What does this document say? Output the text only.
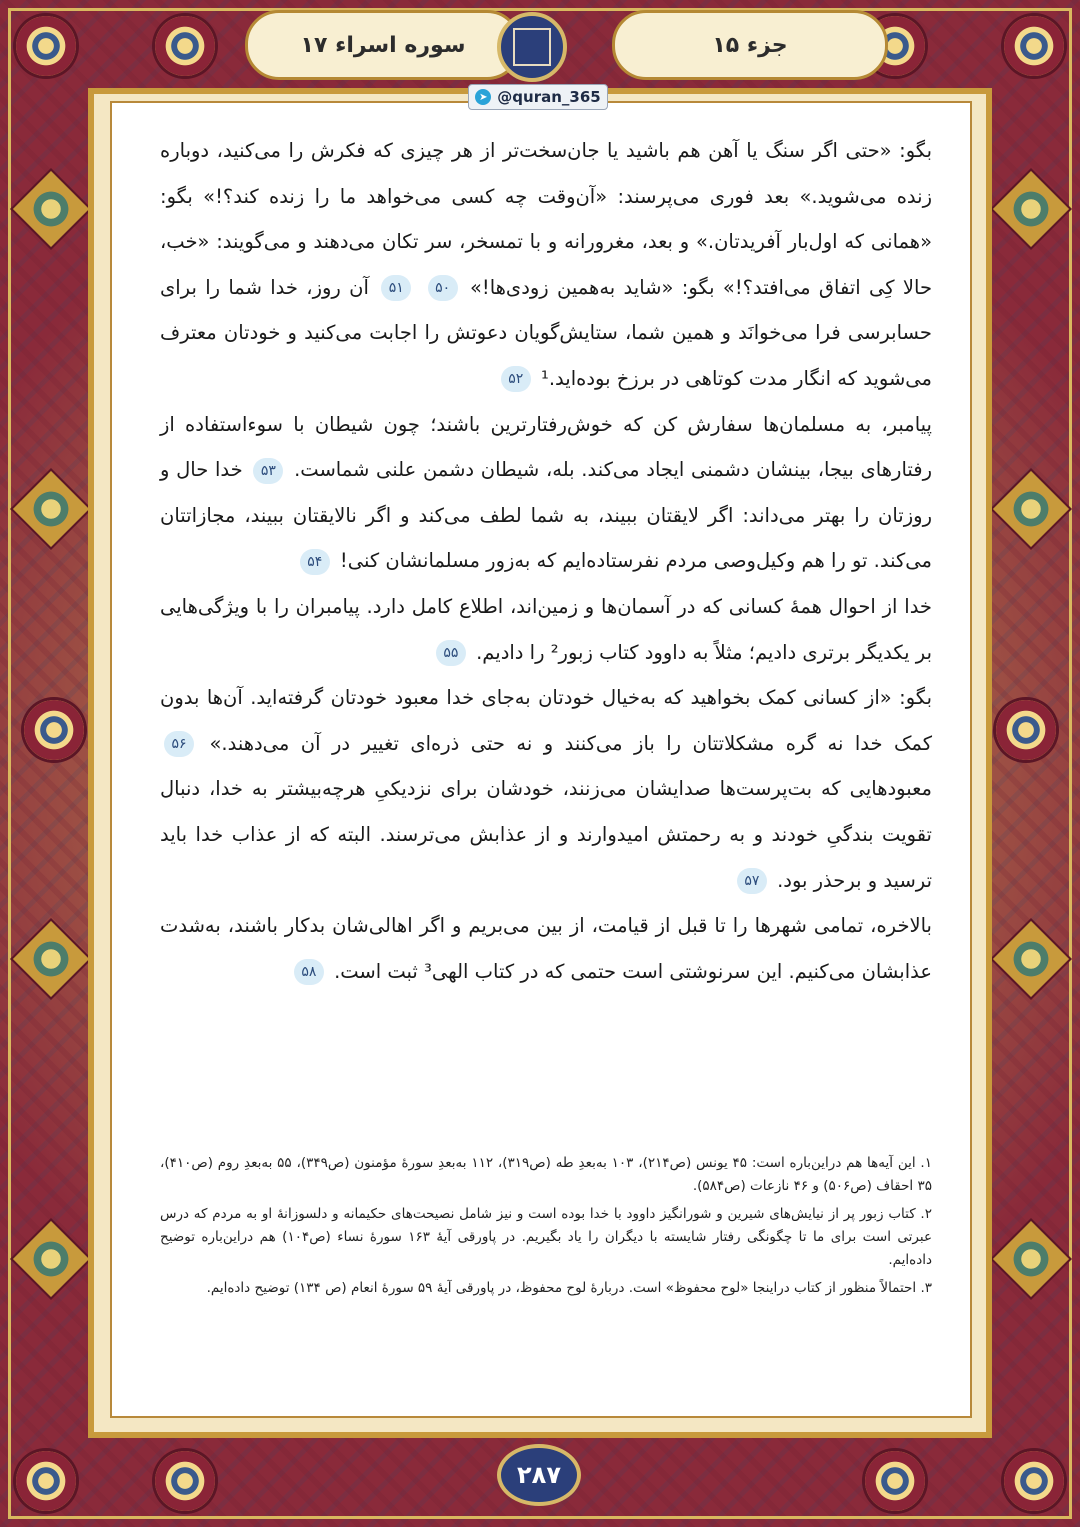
سوره اسراء ۱۷	جزء ۱۵
➤ @quran_365

بگو: «حتی اگر سنگ یا آهن هم باشید یا جان‌سخت‌تر از هر چیزی که فکرش را می‌کنید، دوباره زنده می‌شوید.» بعد فوری می‌پرسند: «آن‌وقت چه کسی می‌خواهد ما را زنده کند؟!» بگو: «همانی که اول‌بار آفریدتان.» و بعد، مغرورانه و با تمسخر، سر تکان می‌دهند و می‌گویند: «خب، حالا کِی اتفاق می‌افتد؟!» بگو: «شاید به‌همین زودی‌ها!» ۵۰ ۵۱ آن روز، خدا شما را برای حسابرسی فرا می‌خوانَد و همین شما، ستایش‌گویان دعوتش را اجابت می‌کنید و خودتان معترف می‌شوید که انگار مدت کوتاهی در برزخ بوده‌اید.¹ ۵۲

پیامبر، به مسلمان‌ها سفارش کن که خوش‌رفتارترین باشند؛ چون شیطان با سوءاستفاده از رفتارهای بیجا، بینشان دشمنی ایجاد می‌کند. بله، شیطان دشمن علنی شماست. ۵۳ خدا حال و روزتان را بهتر می‌داند: اگر لایقتان ببیند، به شما لطف می‌کند و اگر نالایقتان ببیند، مجازاتتان می‌کند. تو را هم وکیل‌وصی مردم نفرستاده‌ایم که به‌زور مسلمانشان کنی! ۵۴

خدا از احوال همهٔ کسانی که در آسمان‌ها و زمین‌اند، اطلاع کامل دارد. پیامبران را با ویژگی‌هایی بر یکدیگر برتری دادیم؛ مثلاً به داوود کتاب زبور² را دادیم. ۵۵

بگو: «از کسانی کمک بخواهید که به‌خیال خودتان به‌جای خدا معبود خودتان گرفته‌اید. آن‌ها بدون کمک خدا نه گره مشکلاتتان را باز می‌کنند و نه حتی ذره‌ای تغییر در آن می‌دهند.» ۵۶ معبودهایی که بت‌پرست‌ها صدایشان می‌زنند، خودشان برای نزدیکیِ هرچه‌بیشتر به خدا، دنبال تقویت بندگیِ خودند و به رحمتش امیدوارند و از عذابش می‌ترسند. البته که از عذاب خدا باید ترسید و برحذر بود. ۵۷

بالاخره، تمامی شهرها را تا قبل از قیامت، از بین می‌بریم و اگر اهالی‌شان بدکار باشند، به‌شدت عذابشان می‌کنیم. این سرنوشتی است حتمی که در کتاب الهی³ ثبت است. ۵۸

۱. این آیه‌ها هم دراین‌باره است: ۴۵ یونس (ص۲۱۴)، ۱۰۳ به‌بعدِ طه (ص۳۱۹)، ۱۱۲ به‌بعدِ سورهٔ مؤمنون (ص۳۴۹)، ۵۵ به‌بعدِ روم (ص۴۱۰)، ۳۵ احقاف (ص۵۰۶) و ۴۶ نازعات (ص۵۸۴).

۲. کتاب زبور پر از نیایش‌های شیرین و شورانگیز داوود با خدا بوده است و نیز شامل نصیحت‌های حکیمانه و دلسوزانهٔ او به مردم که درس عبرتی است برای ما تا چگونگی رفتار شایسته با دیگران را یاد بگیریم. در پاورقی آیهٔ ۱۶۳ سورهٔ نساء (ص۱۰۴) هم دراین‌باره توضیح داده‌ایم.

۳. احتمالاً منظور از کتاب دراینجا «لوح محفوظ» است. دربارهٔ لوح محفوظ، در پاورقی آیهٔ ۵۹ سورهٔ انعام (ص ۱۳۴) توضیح داده‌ایم.

۲۸۷
